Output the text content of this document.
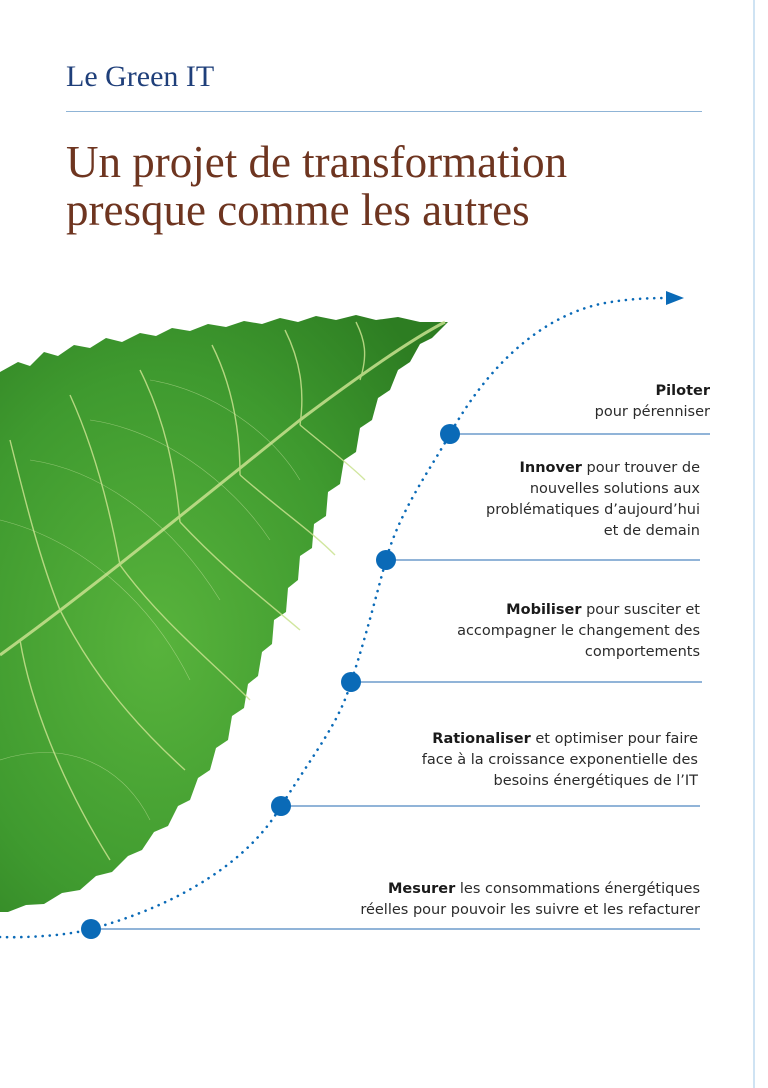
Le Green IT
Un projet de transformation
presque comme les autres
Piloter
pour pérenniser
Innover pour trouver de
nouvelles solutions aux
problématiques d’aujourd’hui
et de demain
Mobiliser pour susciter et
accompagner le changement des
comportements
Rationaliser et optimiser pour faire
face à la croissance exponentielle des
besoins énergétiques de l’IT
Mesurer les consommations énergétiques
réelles pour pouvoir les suivre et les refacturer
